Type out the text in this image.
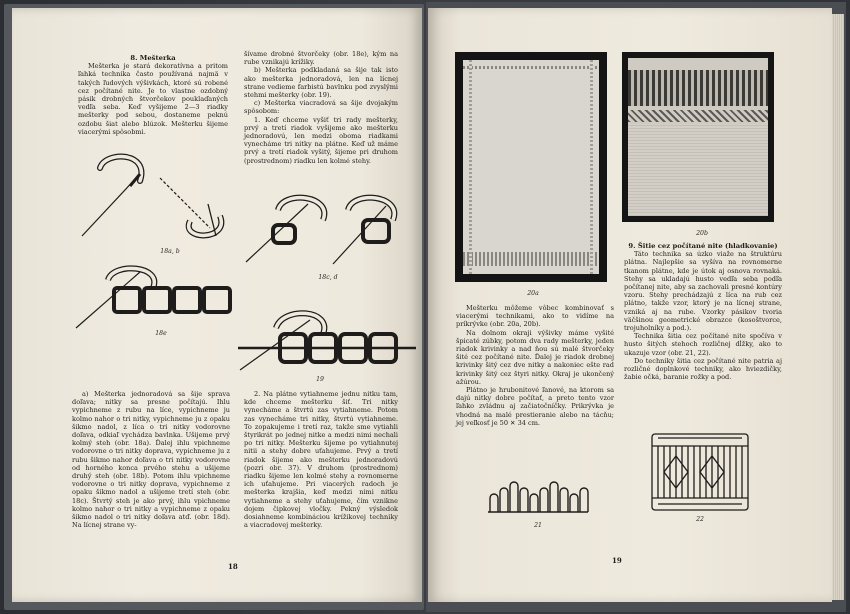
8. Mešterka

Mešterka je stará dekoratívna a pritom ľahká technika často používaná najmä v takých ľudových výšivkách, ktoré sú robené cez počítané nite. Je to vlastne ozdobný pásik drobných štvorčekov pouklaďaných vedľa seba. Keď vyšijeme 2—3 riadky mešterky pod sebou, dostaneme peknú ozdobu šiat alebo blúzok. Mešterku šijeme viacerými spôsobmi.

šívame drobné štvorčeky (obr. 18e), kým na rube vznikajú krížiky.

b) Mešterka podkladaná sa šije tak isto ako mešterka jednoradová, len na lícnej strane vedieme farbistú bavlnku pod zvyslými stehmi mešterky (obr. 19).

c) Mešterka viacradová sa šije dvojakým spôsobom:

1. Keď chceme vyšiť tri rady mešterky, prvý a tretí riadok vyšijeme ako mešterku jednoradovú, len medzi oboma riadkami vynecháme tri nitky na plátne. Keď už máme prvý a tretí riadok vyšitý, šijeme pri druhom (prostrednom) riadku len kolmé stehy.

18a, b
18c, d
18e
19

a) Mešterka jednoradová sa šije sprava doľava; nitky sa presne počítajú. Ihlu vypichneme z rubu na líce, vypichneme ju kolmo nahor o tri nitky, vypichneme ju z opaku šikmo nadol, z líca o tri nitky vodorovne doľava, odkiaľ vychádza bavlnka. Ušijeme prvý kolmý steh (obr. 18a). Ďalej ihlu vpichneme vodorovne o tri nitky doprava, vypichneme ju z rubu šikmo nahor doľava o tri nitky vodorovne od horného konca prvého stehu a ušijeme druhý steh (obr. 18b). Potom ihlu vpichneme vodorovne o tri nitky doprava, vypichneme z opaku šikmo nadol a ušijeme tretí steh (obr. 18c). Štvrtý steh je ako prvý, ihlu vpichneme kolmo nahor o tri nitky a vypichneme z opaku šikmo nadol o tri nitky doľava atď. (obr. 18d). Na lícnej strane vy-

2. Na plátne vytiahneme jednu nitku tam, kde chceme mešterku šiť. Tri nitky vynecháme a štvrtú zas vytiahneme. Potom zas vynecháme tri nitky, štvrtú vytiahneme. To zopakujeme i tretí raz, takže sme vytiahli štyrikrát po jednej nitke a medzi nimi nechali po tri nitky. Mešterku šijeme po vytiahnutej nitii a stehy dobre uťahujeme. Prvý a tretí riadok šijeme ako mešterku jednoradovú (pozri obr. 37). V druhom (prostrednom) riadku šijeme len kolmé stehy a rovnomerne ich uťahujeme. Pri viacerých radoch je mešterka krajšia, keď medzi nimi nitku vytiahneme a stehy uťahujeme, čím vznikne dojem čipkovej vločky. Pekný výsledok dosiahneme kombináciou krížikovej techniky a viacradovej mešterky.

18
20a
20b

Mešterku môžeme vôbec kombinovať s viacerými technikami, ako to vidíme na príkrývke (obr. 20a, 20b).

Na dolnom okraji výšivky máme vyšité špicaté zúbky, potom dva rady mešterky, jeden riadok krivinky a nad ňou sú malé štvorčeky šité cez počítané nite. Ďalej je riadok drobnej krivinky šitý cez dve nitky a nakoniec ešte rad krivinky šitý cez štyri nitky. Okraj je ukončený ažúrou.

Plátno je hrubonitové ľanové, na ktorom sa dajú nitky dobre počítať, a preto tento vzor ľahko zvládnu aj začiatočníčky. Prikrývka je vhodná na malé prestieranie alebo na tácňu; jej veľkosť je 50 ✕ 34 cm.

9. Šitie cez počítané nite (hladkovanie)

Táto technika sa úzko viaže na štruktúru plátna. Najlepšie sa vyšíva na rovnomerne tkanom plátne, kde je útok aj osnova rovnaká. Stehy sa ukladajú husto vedľa seba podľa počítanej nite, aby sa zachovali presné kontúry vzoru. Stehy prechádzajú z líca na rub cez plátno, takže vzor, ktorý je na lícnej strane, vzniká aj na rube. Vzorky pásikov tvoria väčšinou geometrické obrazce (kosoštvorce, trojuholníky a pod.).

Technika šitia cez počítané nite spočíva v husto šitých stehoch rozličnej dĺžky, ako to ukazuje vzor (obr. 21, 22).

Do techniky šitia cez počítané nite patria aj rozličné doplnkové techniky, ako hviezdičky, žabie očká, baranie rožky a pod.

21
22
19
